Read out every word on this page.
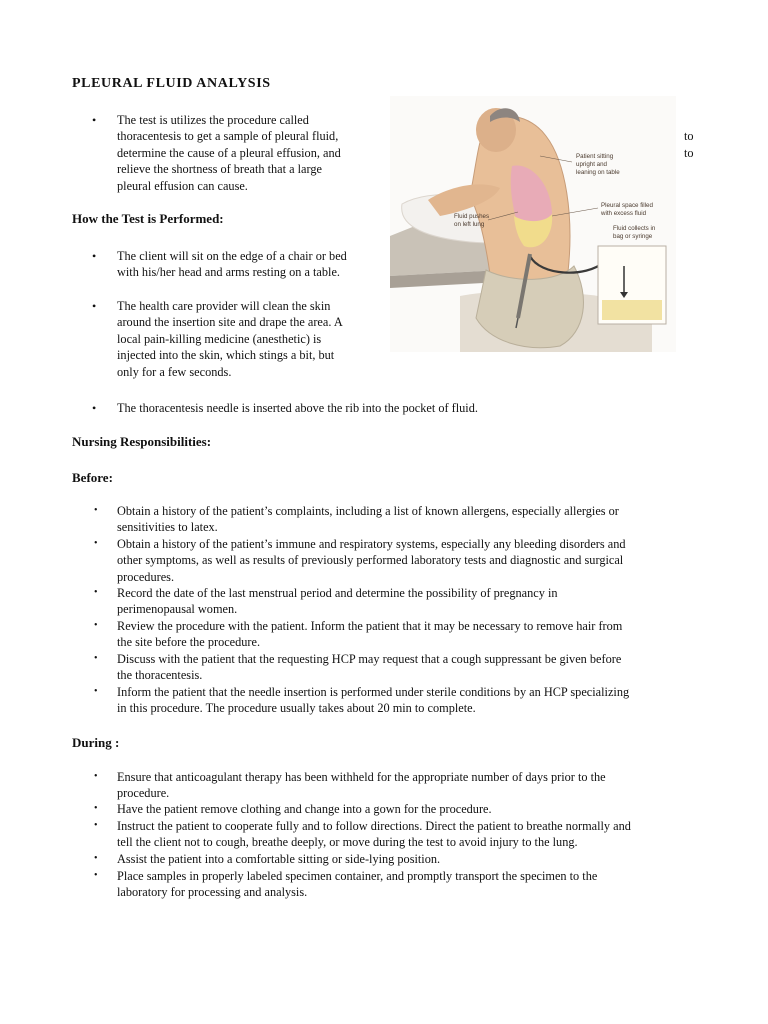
PLEURAL FLUID ANALYSIS
• The test is utilizes the procedure called
thoracentesis to get a sample of pleural fluid,
determine the cause of a pleural effusion, and
relieve the shortness of breath that a large
pleural effusion can cause.
to
to
Patient sitting upright and leaning on table
Pleural space filled with excess fluid
Fluid pushes on left lung
Fluid collects in bag or syringe
How the Test is Performed:
• The client will sit on the edge of a chair or bed
with his/her head and arms resting on a table.
• The health care provider will clean the skin
around the insertion site and drape the area. A
local pain-killing medicine (anesthetic) is
injected into the skin, which stings a bit, but
only for a few seconds.
• The thoracentesis needle is inserted above the rib into the pocket of fluid.
Nursing Responsibilities:
Before:
• Obtain a history of the patient’s complaints, including a list of known allergens, especially allergies or
sensitivities to latex.
• Obtain a history of the patient’s immune and respiratory systems, especially any bleeding disorders and
other symptoms, as well as results of previously performed laboratory tests and diagnostic and surgical
procedures.
• Record the date of the last menstrual period and determine the possibility of pregnancy in
perimenopausal women.
• Review the procedure with the patient. Inform the patient that it may be necessary to remove hair from
the site before the procedure.
• Discuss with the patient that the requesting HCP may request that a cough suppressant be given before
the thoracentesis.
• Inform the patient that the needle insertion is performed under sterile conditions by an HCP specializing
in this procedure. The procedure usually takes about 20 min to complete.
During :
• Ensure that anticoagulant therapy has been withheld for the appropriate number of days prior to the
procedure.
• Have the patient remove clothing and change into a gown for the procedure.
• Instruct the patient to cooperate fully and to follow directions. Direct the patient to breathe normally and
tell the client not to cough, breathe deeply, or move during the test to avoid injury to the lung.
• Assist the patient into a comfortable sitting or side-lying position.
• Place samples in properly labeled specimen container, and promptly transport the specimen to the
laboratory for processing and analysis.
